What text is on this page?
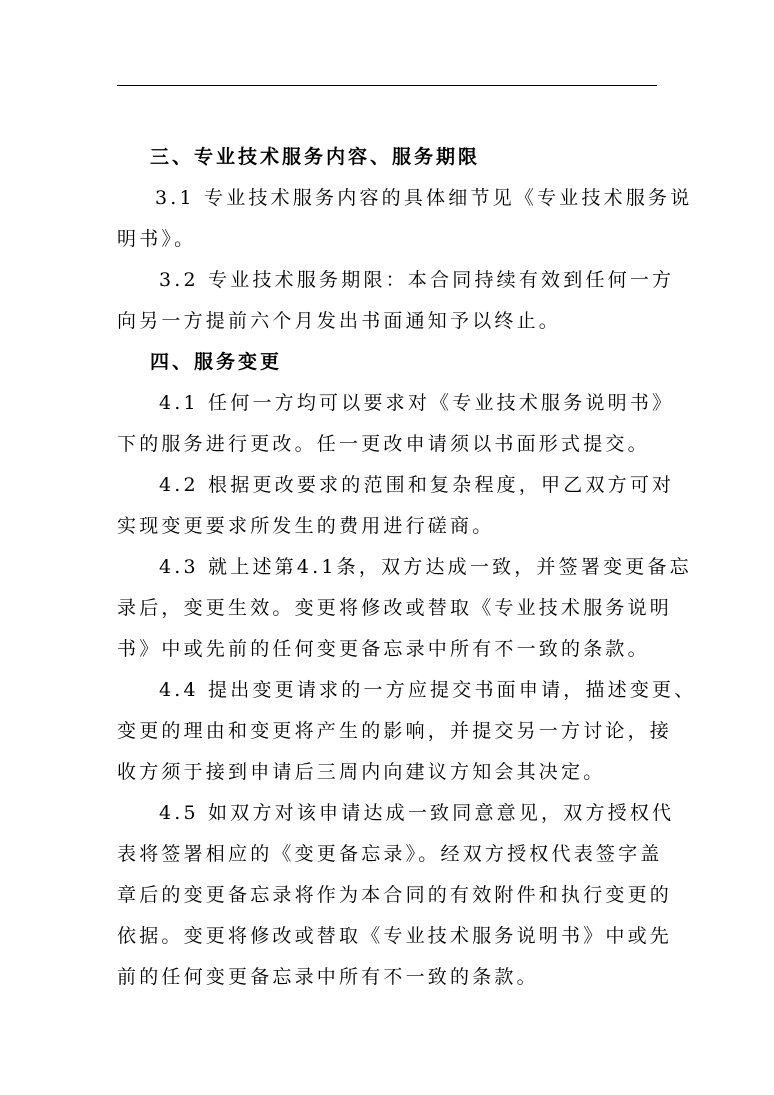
三、专业技术服务内容、服务期限

3.1 专业技术服务内容的具体细节见《专业技术服务说

明书》。

3.2 专业技术服务期限：本合同持续有效到任何一方

向另一方提前六个月发出书面通知予以终止。

四、服务变更

4.1 任何一方均可以要求对《专业技术服务说明书》

下的服务进行更改。任一更改申请须以书面形式提交。

4.2 根据更改要求的范围和复杂程度，甲乙双方可对

实现变更要求所发生的费用进行磋商。

4.3 就上述第4.1条，双方达成一致，并签署变更备忘

录后，变更生效。变更将修改或替取《专业技术服务说明

书》中或先前的任何变更备忘录中所有不一致的条款。

4.4 提出变更请求的一方应提交书面申请，描述变更、

变更的理由和变更将产生的影响，并提交另一方讨论，接

收方须于接到申请后三周内向建议方知会其决定。

4.5 如双方对该申请达成一致同意意见，双方授权代

表将签署相应的《变更备忘录》。经双方授权代表签字盖

章后的变更备忘录将作为本合同的有效附件和执行变更的

依据。变更将修改或替取《专业技术服务说明书》中或先

前的任何变更备忘录中所有不一致的条款。
